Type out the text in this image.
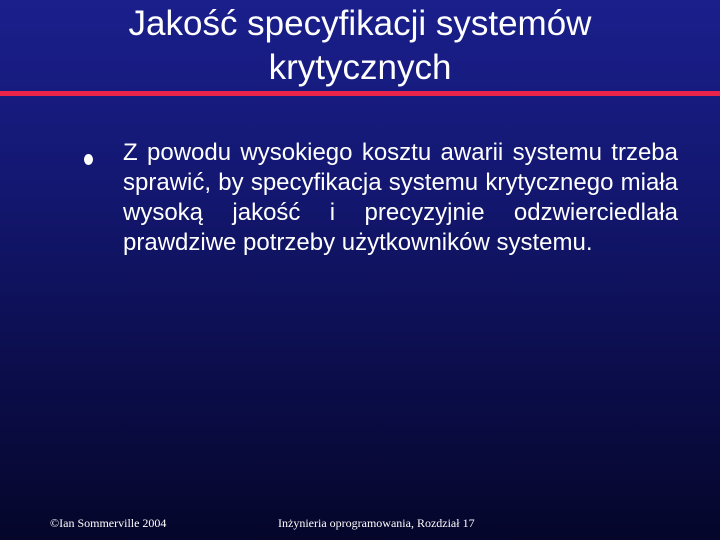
Jakość specyfikacji systemów
krytycznych
Z powodu wysokiego kosztu awarii systemu trzeba sprawić, by specyfikacja systemu krytycznego miała wysoką jakość i precyzyjnie odzwierciedlała prawdziwe potrzeby użytkowników systemu.
©Ian Sommerville 2004	Inżynieria oprogramowania, Rozdział 17
